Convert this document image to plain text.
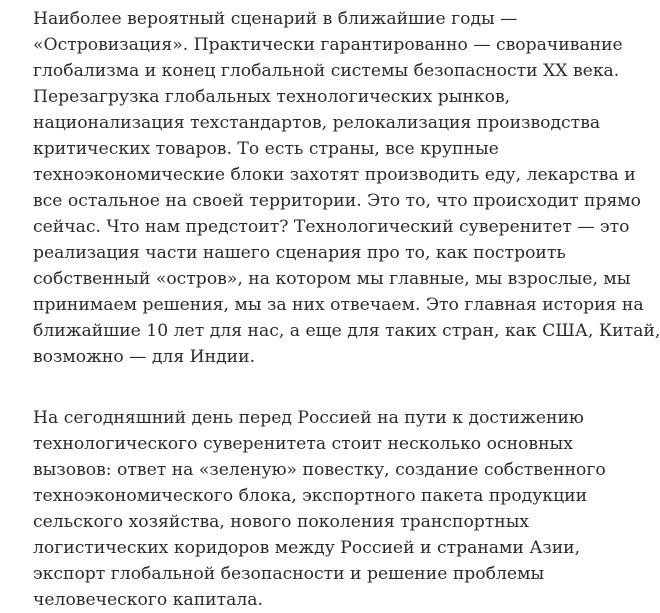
Наиболее вероятный сценарий в ближайшие годы —
«Островизация». Практически гарантированно — сворачивание
глобализма и конец глобальной системы безопасности ХХ века.
Перезагрузка глобальных технологических рынков,
национализация техстандартов, релокализация производства
критических товаров. То есть страны, все крупные
техноэкономические блоки захотят производить еду, лекарства и
все остальное на своей территории. Это то, что происходит прямо
сейчас. Что нам предстоит? Технологический суверенитет — это
реализация части нашего сценария про то, как построить
собственный «остров», на котором мы главные, мы взрослые, мы
принимаем решения, мы за них отвечаем. Это главная история на
ближайшие 10 лет для нас, а еще для таких стран, как США, Китай,
возможно — для Индии.

На сегодняшний день перед Россией на пути к достижению
технологического суверенитета стоит несколько основных
вызовов: ответ на «зеленую» повестку, создание собственного
техноэкономического блока, экспортного пакета продукции
сельского хозяйства, нового поколения транспортных
логистических коридоров между Россией и странами Азии,
экспорт глобальной безопасности и решение проблемы
человеческого капитала.
